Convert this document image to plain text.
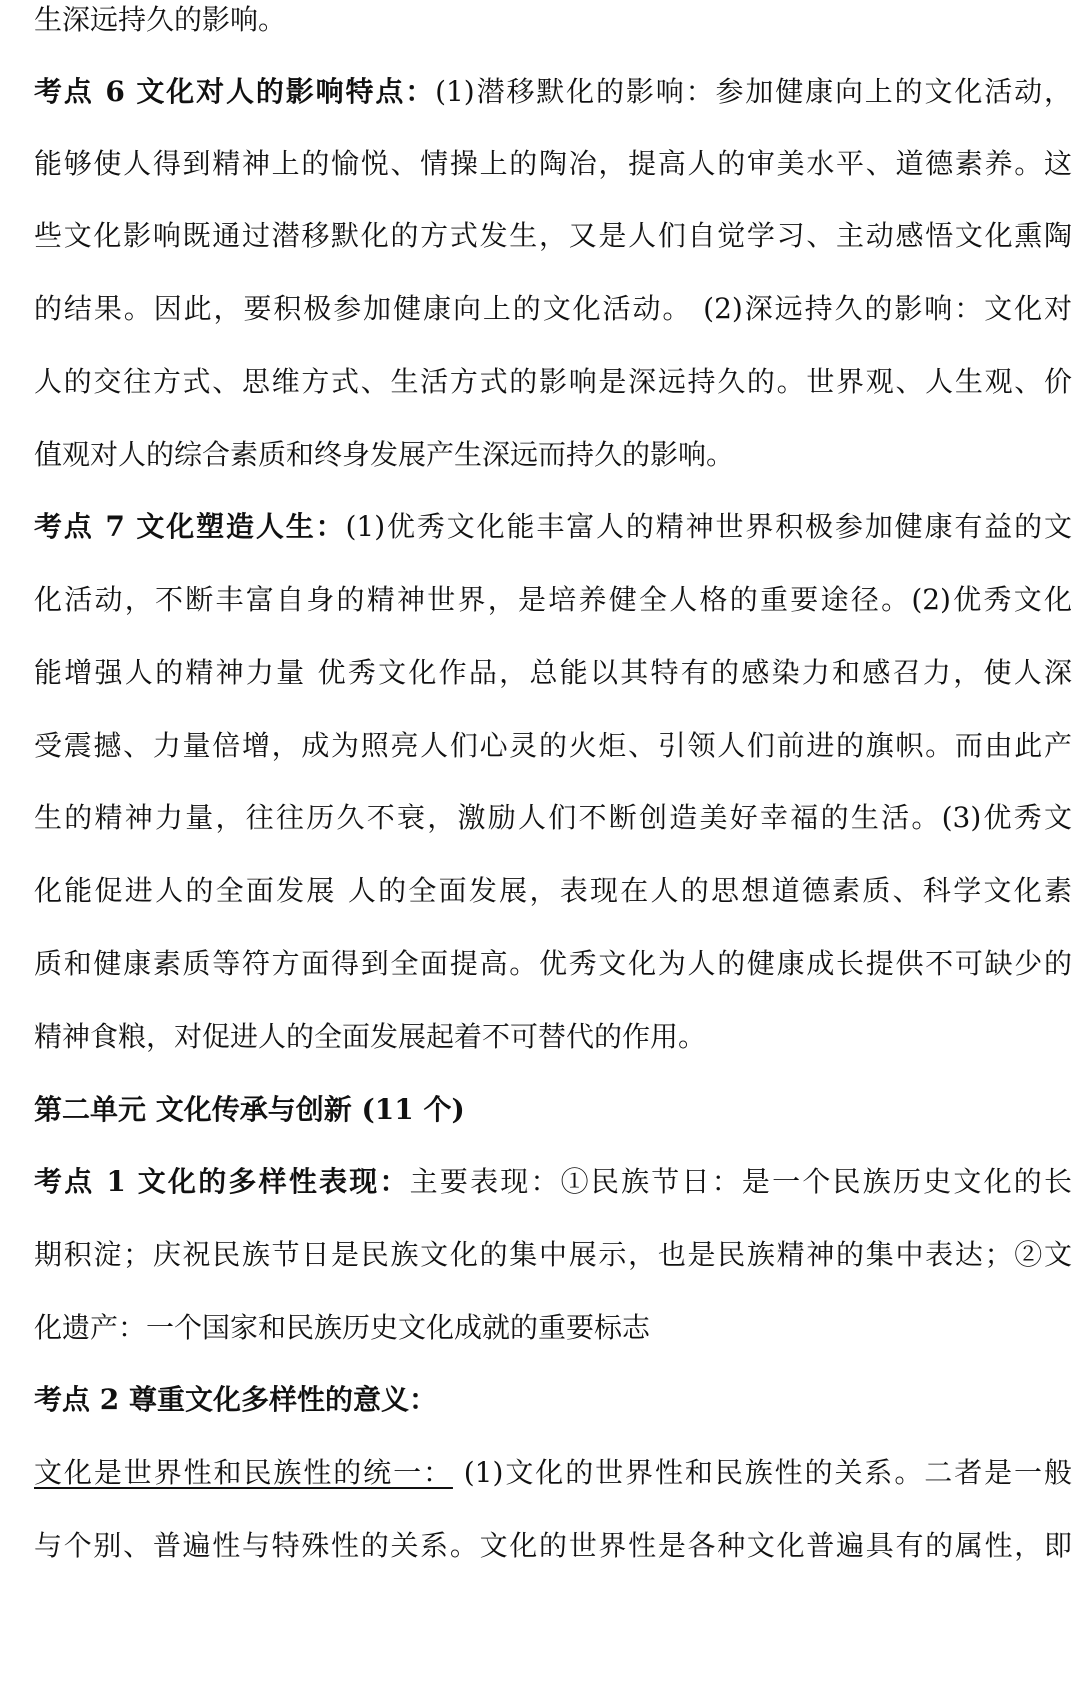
生深远持久的影响。
考点 6 文化对人的影响特点：(1)潜移默化的影响：参加健康向上的文化活动，
能够使人得到精神上的愉悦、情操上的陶冶，提高人的审美水平、道德素养。这
些文化影响既通过潜移默化的方式发生，又是人们自觉学习、主动感悟文化熏陶
的结果。因此，要积极参加健康向上的文化活动。 (2)深远持久的影响：文化对
人的交往方式、思维方式、生活方式的影响是深远持久的。世界观、人生观、价
值观对人的综合素质和终身发展产生深远而持久的影响。
考点 7 文化塑造人生：(1)优秀文化能丰富人的精神世界积极参加健康有益的文
化活动，不断丰富自身的精神世界，是培养健全人格的重要途径。(2)优秀文化
能增强人的精神力量 优秀文化作品，总能以其特有的感染力和感召力，使人深
受震撼、力量倍增，成为照亮人们心灵的火炬、引领人们前进的旗帜。而由此产
生的精神力量，往往历久不衰，激励人们不断创造美好幸福的生活。(3)优秀文
化能促进人的全面发展 人的全面发展，表现在人的思想道德素质、科学文化素
质和健康素质等符方面得到全面提高。优秀文化为人的健康成长提供不可缺少的
精神食粮，对促进人的全面发展起着不可替代的作用。
第二单元 文化传承与创新 (11 个)
考点 1 文化的多样性表现：主要表现：①民族节日：是一个民族历史文化的长
期积淀；庆祝民族节日是民族文化的集中展示，也是民族精神的集中表达；②文
化遗产：一个国家和民族历史文化成就的重要标志
考点 2 尊重文化多样性的意义：
文化是世界性和民族性的统一： (1)文化的世界性和民族性的关系。二者是一般
与个别、普遍性与特殊性的关系。文化的世界性是各种文化普遍具有的属性，即
